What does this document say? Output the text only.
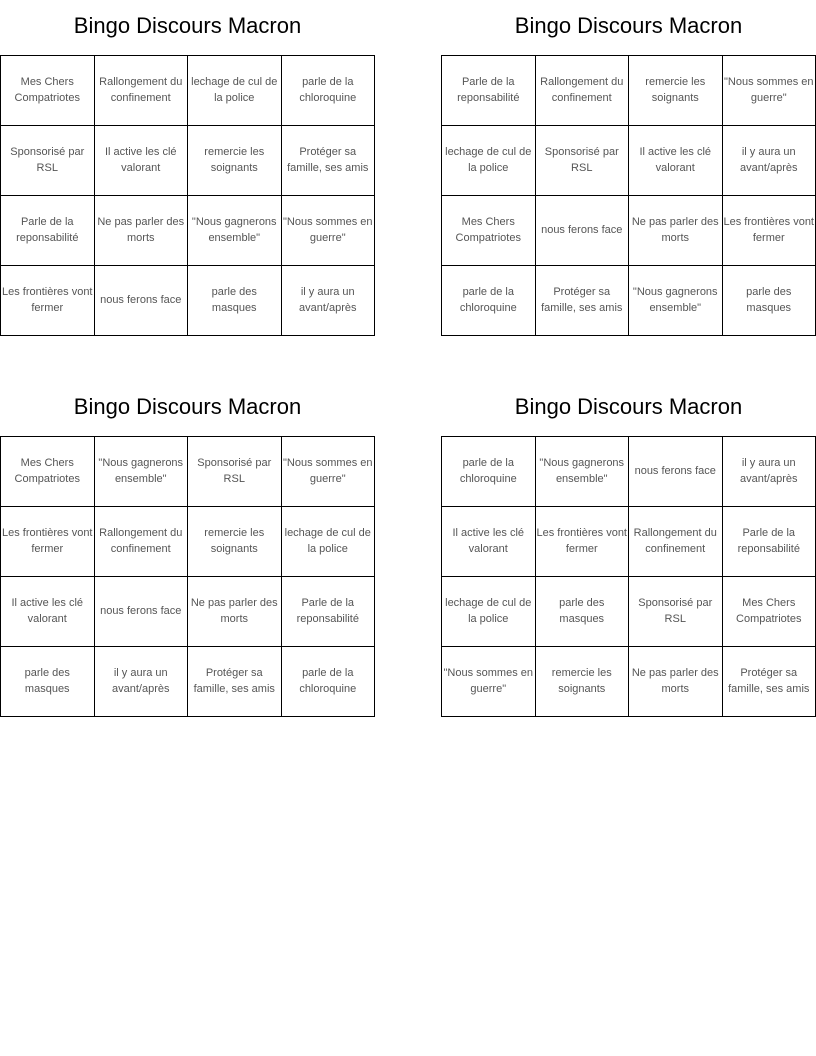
Bingo Discours Macron
Mes Chers Compatriotes
Rallongement du confinement
lechage de cul de la police
parle de la chloroquine
Sponsorisé par RSL
Il active les clé valorant
remercie les soignants
Protéger sa famille, ses amis
Parle de la reponsabilité
Ne pas parler des morts
"Nous gagnerons ensemble"
"Nous sommes en guerre"
Les frontières vont fermer
nous ferons face
parle des masques
il y aura un avant/après
Bingo Discours Macron
Parle de la reponsabilité
Rallongement du confinement
remercie les soignants
"Nous sommes en guerre"
lechage de cul de la police
Sponsorisé par RSL
Il active les clé valorant
il y aura un avant/après
Mes Chers Compatriotes
nous ferons face
Ne pas parler des morts
Les frontières vont fermer
parle de la chloroquine
Protéger sa famille, ses amis
"Nous gagnerons ensemble"
parle des masques
Bingo Discours Macron
Mes Chers Compatriotes
"Nous gagnerons ensemble"
Sponsorisé par RSL
"Nous sommes en guerre"
Les frontières vont fermer
Rallongement du confinement
remercie les soignants
lechage de cul de la police
Il active les clé valorant
nous ferons face
Ne pas parler des morts
Parle de la reponsabilité
parle des masques
il y aura un avant/après
Protéger sa famille, ses amis
parle de la chloroquine
Bingo Discours Macron
parle de la chloroquine
"Nous gagnerons ensemble"
nous ferons face
il y aura un avant/après
Il active les clé valorant
Les frontières vont fermer
Rallongement du confinement
Parle de la reponsabilité
lechage de cul de la police
parle des masques
Sponsorisé par RSL
Mes Chers Compatriotes
"Nous sommes en guerre"
remercie les soignants
Ne pas parler des morts
Protéger sa famille, ses amis
